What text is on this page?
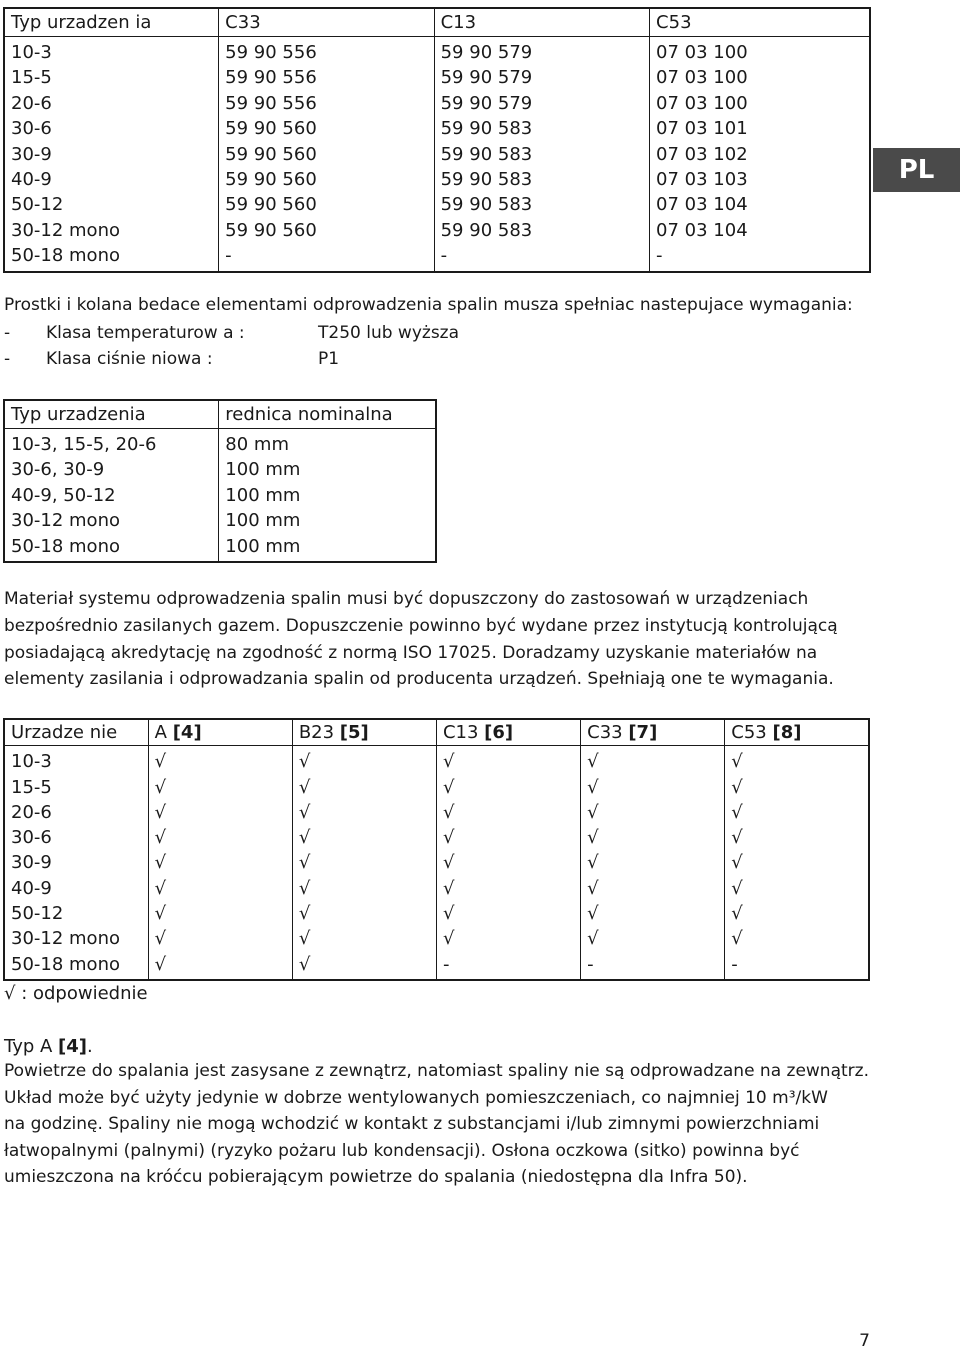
Typ urzadzen ia	C33	C13	C53
10-3	59 90 556	59 90 579	07 03 100
15-5	59 90 556	59 90 579	07 03 100
20-6	59 90 556	59 90 579	07 03 100
30-6	59 90 560	59 90 583	07 03 101
30-9	59 90 560	59 90 583	07 03 102
40-9	59 90 560	59 90 583	07 03 103
50-12	59 90 560	59 90 583	07 03 104
30-12 mono	59 90 560	59 90 583	07 03 104
50-18 mono	-	-	-
PL
Prostki i kolana bedace elementami odprowadzenia spalin musza spełniac nastepujace wymagania:
- Klasa temperaturow a :	T250 lub wyższa
- Klasa ciśnie niowa :	P1
Typ urzadzenia	rednica nominalna
10-3, 15-5, 20-6	80 mm
30-6, 30-9	100 mm
40-9, 50-12	100 mm
30-12 mono	100 mm
50-18 mono	100 mm
Materiał systemu odprowadzenia spalin musi być dopuszczony do zastosowań w urządzeniach
bezpośrednio zasilanych gazem. Dopuszczenie powinno być wydane przez instytucją kontrolującą
posiadającą akredytację na zgodność z normą ISO 17025. Doradzamy uzyskanie materiałów na
elementy zasilania i odprowadzania spalin od producenta urządzeń. Spełniają one te wymagania.
Urzadze nie	A [4]	B23 [5]	C13 [6]	C33 [7]	C53 [8]
10-3	√	√	√	√	√
15-5	√	√	√	√	√
20-6	√	√	√	√	√
30-6	√	√	√	√	√
30-9	√	√	√	√	√
40-9	√	√	√	√	√
50-12	√	√	√	√	√
30-12 mono	√	√	√	√	√
50-18 mono	√	√	-	-	-
√ : odpowiednie
Typ A [4].
Powietrze do spalania jest zasysane z zewnątrz, natomiast spaliny nie są odprowadzane na zewnątrz.
Układ może być użyty jedynie w dobrze wentylowanych pomieszczeniach, co najmniej 10 m³/kW
na godzinę. Spaliny nie mogą wchodzić w kontakt z substancjami i/lub zimnymi powierzchniami
łatwopalnymi (palnymi) (ryzyko pożaru lub kondensacji). Osłona oczkowa (sitko) powinna być
umieszczona na króćcu pobierającym powietrze do spalania (niedostępna dla Infra 50).
7
